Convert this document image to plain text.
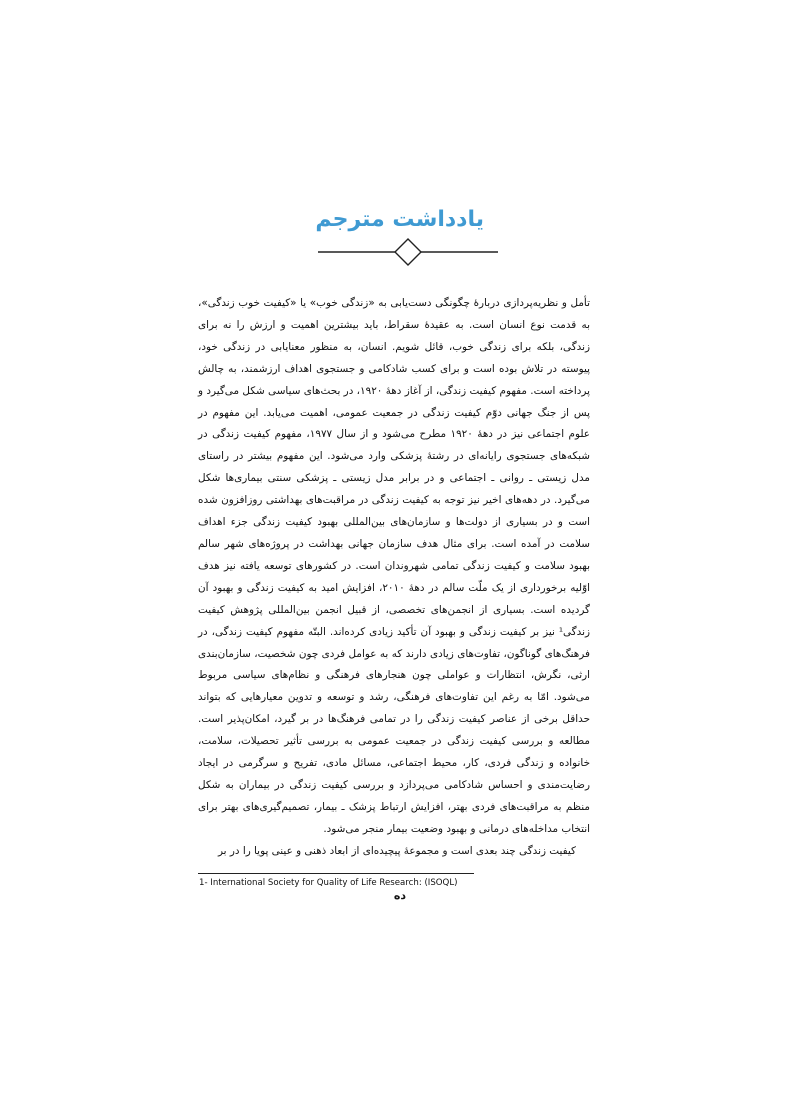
یادداشت مترجم

تأمل و نظریه‌پردازی دربارهٔ چگونگی دست‌یابی به «زندگی خوب» یا «کیفیت خوب زندگی»، به قدمت نوع انسان است. به عقیدهٔ سقراط، باید بیشترین اهمیت و ارزش را نه برای زندگی، بلکه برای زندگی خوب، قائل شویم. انسان، به منظور معنایابی در زندگی خود، پیوسته در تلاش بوده است و برای کسب شادکامی و جستجوی اهداف ارزشمند، به چالش پرداخته است. مفهوم کیفیت زندگی، از آغاز دههٔ ۱۹۲۰، در بحث‌های سیاسی شکل می‌گیرد و پس از جنگ جهانی دوّم کیفیت زندگی در جمعیت عمومی، اهمیت می‌یابد. این مفهوم در علوم اجتماعی نیز در دههٔ ۱۹۲۰ مطرح می‌شود و از سال ۱۹۷۷، مفهوم کیفیت زندگی در شبکه‌های جستجوی رایانه‌ای در رشتهٔ پزشکی وارد می‌شود. این مفهوم بیشتر در راستای مدل زیستی ـ روانی ـ اجتماعی و در برابر مدل زیستی ـ پزشکی سنتی بیماری‌ها شکل می‌گیرد. در دهه‌های اخیر نیز توجه به کیفیت زندگی در مراقبت‌های بهداشتی روزافزون شده است و در بسیاری از دولت‌ها و سازمان‌های بین‌المللی بهبود کیفیت زندگی جزء اهداف سلامت در آمده است. برای مثال هدف سازمان جهانی بهداشت در پروژه‌های شهر سالم بهبود سلامت و کیفیت زندگی تمامی شهروندان است. در کشورهای توسعه یافته نیز هدف اوّلیه برخورداری از یک ملّت سالم در دههٔ ۲۰۱۰، افزایش امید به کیفیت زندگی و بهبود آن گردیده است. بسیاری از انجمن‌های تخصصی، از قبیل انجمن بین‌المللی پژوهش کیفیت زندگی¹ نیز بر کیفیت زندگی و بهبود آن تأکید زیادی کرده‌اند. البتّه مفهوم کیفیت زندگی، در فرهنگ‌های گوناگون، تفاوت‌های زیادی دارند که به عوامل فردی چون شخصیت، سازمان‌بندی ارثی، نگرش، انتظارات و عواملی چون هنجارهای فرهنگی و نظام‌های سیاسی مربوط می‌شود. امّا به رغم این تفاوت‌های فرهنگی، رشد و توسعه و تدوین معیارهایی که بتواند حداقل برخی از عناصر کیفیت زندگی را در تمامی فرهنگ‌ها در بر گیرد، امکان‌پذیر است. مطالعه و بررسی کیفیت زندگی در جمعیت عمومی به بررسی تأثیر تحصیلات، سلامت، خانواده و زندگی فردی، کار، محیط اجتماعی، مسائل مادی، تفریح و سرگرمی در ایجاد رضایت‌مندی و احساس شادکامی می‌پردازد و بررسی کیفیت زندگی در بیماران به شکل منظم به مراقبت‌های فردی بهتر، افزایش ارتباط پزشک ـ بیمار، تصمیم‌گیری‌های بهتر برای انتخاب مداخله‌های درمانی و بهبود وضعیت بیمار منجر می‌شود.

کیفیت زندگی چند بعدی است و مجموعهٔ پیچیده‌ای از ابعاد ذهنی و عینی پویا را در بر

1- International Society for Quality of Life Research: (ISOQL)
ده
